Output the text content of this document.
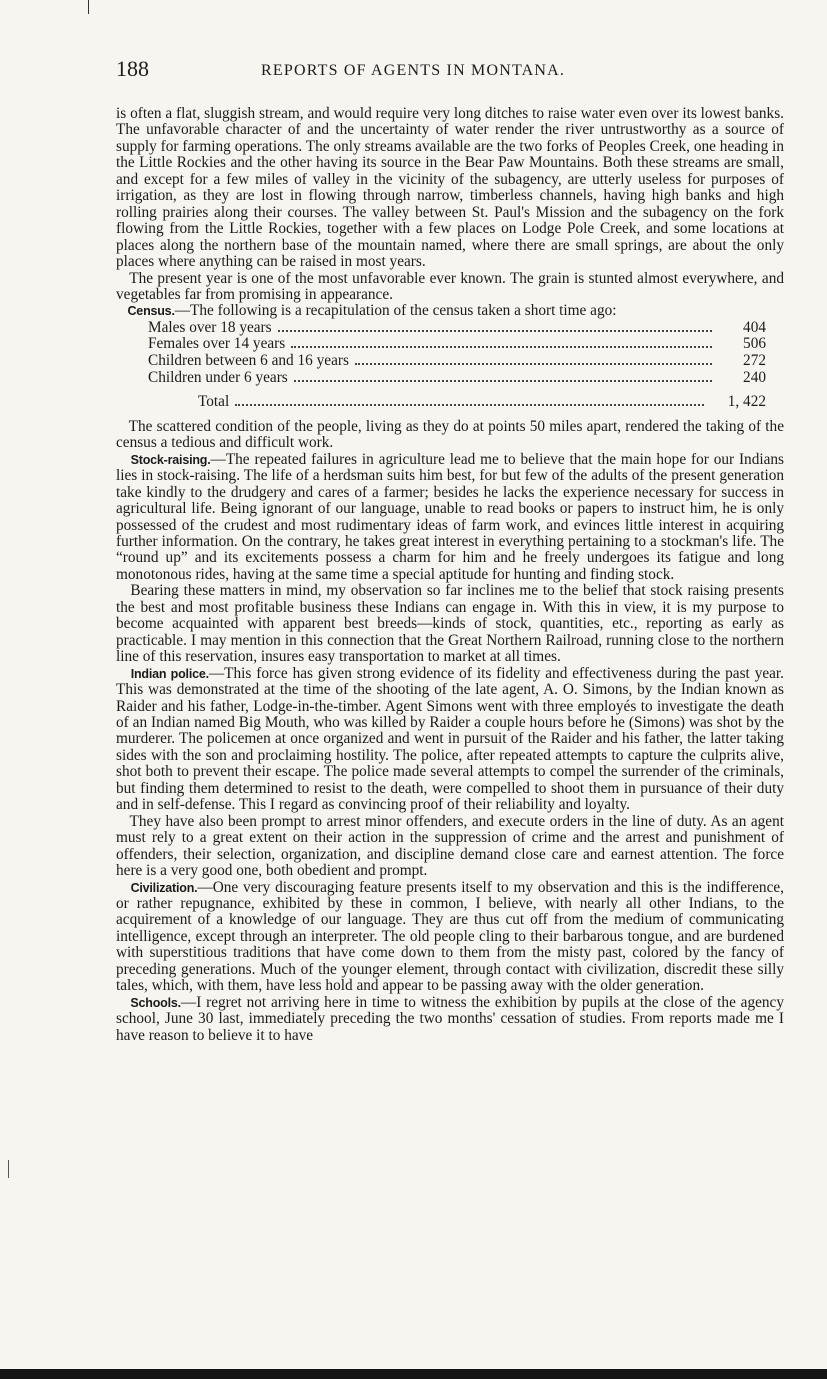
188	REPORTS OF AGENTS IN MONTANA.

is often a flat, sluggish stream, and would require very long ditches to raise water even over its lowest banks. The unfavorable character of and the uncertainty of water render the river untrustworthy as a source of supply for farming operations. The only streams available are the two forks of Peoples Creek, one heading in the Little Rockies and the other having its source in the Bear Paw Mountains. Both these streams are small, and except for a few miles of valley in the vicinity of the subagency, are utterly useless for purposes of irrigation, as they are lost in flowing through narrow, timberless channels, having high banks and high rolling prairies along their courses. The valley between St. Paul's Mission and the subagency on the fork flowing from the Little Rockies, together with a few places on Lodge Pole Creek, and some locations at places along the northern base of the mountain named, where there are small springs, are about the only places where anything can be raised in most years.

The present year is one of the most unfavorable ever known. The grain is stunted almost everywhere, and vegetables far from promising in appearance.

Census.—The following is a recapitulation of the census taken a short time ago:

Males over 18 years	404
Females over 14 years	506
Children between 6 and 16 years	272
Children under 6 years	240
Total	1, 422

The scattered condition of the people, living as they do at points 50 miles apart, rendered the taking of the census a tedious and difficult work.

Stock-raising.—The repeated failures in agriculture lead me to believe that the main hope for our Indians lies in stock-raising. The life of a herdsman suits him best, for but few of the adults of the present generation take kindly to the drudgery and cares of a farmer; besides he lacks the experience necessary for success in agricultural life. Being ignorant of our language, unable to read books or papers to instruct him, he is only possessed of the crudest and most rudimentary ideas of farm work, and evinces little interest in acquiring further information. On the contrary, he takes great interest in everything pertaining to a stockman's life. The “round up” and its excitements possess a charm for him and he freely undergoes its fatigue and long monotonous rides, having at the same time a special aptitude for hunting and finding stock.

Bearing these matters in mind, my observation so far inclines me to the belief that stock raising presents the best and most profitable business these Indians can engage in. With this in view, it is my purpose to become acquainted with apparent best breeds—kinds of stock, quantities, etc., reporting as early as practicable. I may mention in this connection that the Great Northern Railroad, running close to the northern line of this reservation, insures easy transportation to market at all times.

Indian police.—This force has given strong evidence of its fidelity and effectiveness during the past year. This was demonstrated at the time of the shooting of the late agent, A. O. Simons, by the Indian known as Raider and his father, Lodge-in-the-timber. Agent Simons went with three employés to investigate the death of an Indian named Big Mouth, who was killed by Raider a couple hours before he (Simons) was shot by the murderer. The policemen at once organized and went in pursuit of the Raider and his father, the latter taking sides with the son and proclaiming hostility. The police, after repeated attempts to capture the culprits alive, shot both to prevent their escape. The police made several attempts to compel the surrender of the criminals, but finding them determined to resist to the death, were compelled to shoot them in pursuance of their duty and in self-defense. This I regard as convincing proof of their reliability and loyalty.

They have also been prompt to arrest minor offenders, and execute orders in the line of duty. As an agent must rely to a great extent on their action in the suppression of crime and the arrest and punishment of offenders, their selection, organization, and discipline demand close care and earnest attention. The force here is a very good one, both obedient and prompt.

Civilization.—One very discouraging feature presents itself to my observation and this is the indifference, or rather repugnance, exhibited by these in common, I believe, with nearly all other Indians, to the acquirement of a knowledge of our language. They are thus cut off from the medium of communicating intelligence, except through an interpreter. The old people cling to their barbarous tongue, and are burdened with superstitious traditions that have come down to them from the misty past, colored by the fancy of preceding generations. Much of the younger element, through contact with civilization, discredit these silly tales, which, with them, have less hold and appear to be passing away with the older generation.

Schools.—I regret not arriving here in time to witness the exhibition by pupils at the close of the agency school, June 30 last, immediately preceding the two months' cessation of studies. From reports made me I have reason to believe it to have
